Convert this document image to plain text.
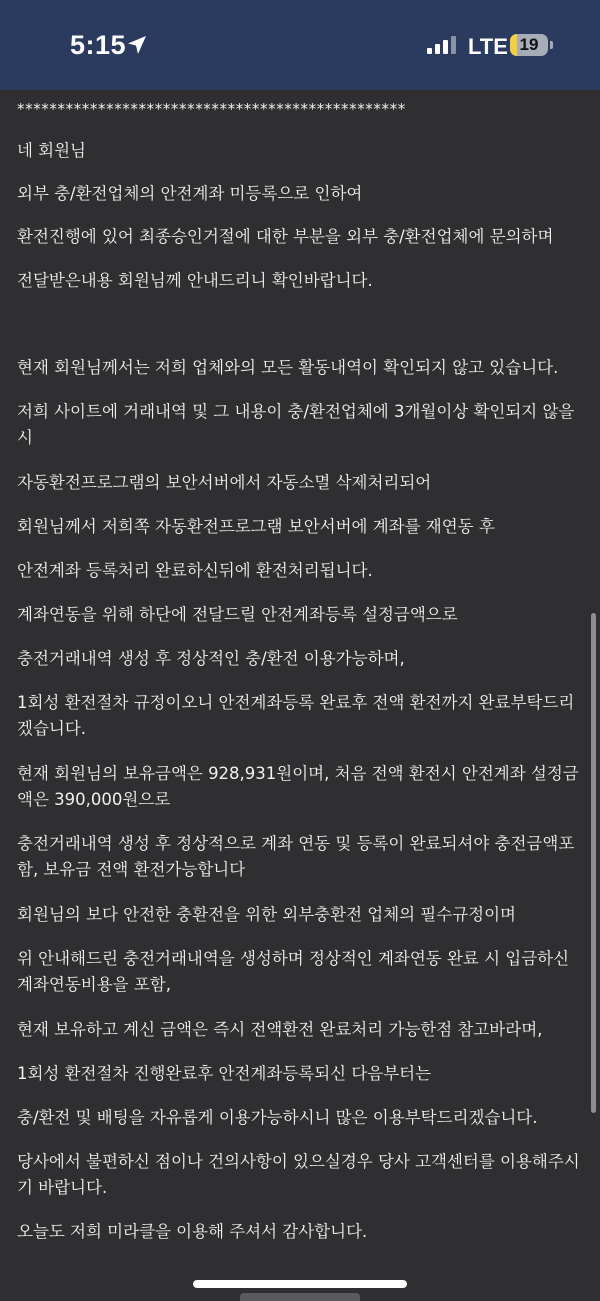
5:15	LTE 19

************************************************

네 회원님

외부 충/환전업체의 안전계좌 미등록으로 인하여

환전진행에 있어 최종승인거절에 대한 부분을 외부 충/환전업체에 문의하며

전달받은내용 회원님께 안내드리니 확인바랍니다.

현재 회원님께서는 저희 업체와의 모든 활동내역이 확인되지 않고 있습니다.

저희 사이트에 거래내역 및 그 내용이 충/환전업체에 3개월이상 확인되지 않을시

자동환전프로그램의 보안서버에서 자동소멸 삭제처리되어

회원님께서 저희쪽 자동환전프로그램 보안서버에 계좌를 재연동 후

안전계좌 등록처리 완료하신뒤에 환전처리됩니다.

계좌연동을 위해 하단에 전달드릴 안전계좌등록 설정금액으로

충전거래내역 생성 후 정상적인 충/환전 이용가능하며,

1회성 환전절차 규정이오니 안전계좌등록 완료후 전액 환전까지 완료부탁드리겠습니다.

현재 회원님의 보유금액은 928,931원이며, 처음 전액 환전시 안전계좌 설정금액은 390,000원으로

충전거래내역 생성 후 정상적으로 계좌 연동 및 등록이 완료되셔야 충전금액포함, 보유금 전액 환전가능합니다

회원님의 보다 안전한 충환전을 위한 외부충환전 업체의 필수규정이며

위 안내해드린 충전거래내역을 생성하며 정상적인 계좌연동 완료 시 입금하신 계좌연동비용을 포함,

현재 보유하고 계신 금액은 즉시 전액환전 완료처리 가능한점 참고바라며,

1회성 환전절차 진행완료후 안전계좌등록되신 다음부터는

충/환전 및 배팅을 자유롭게 이용가능하시니 많은 이용부탁드리겠습니다.

당사에서 불편하신 점이나 건의사항이 있으실경우 당사 고객센터를 이용해주시기 바랍니다.

오늘도 저희 미라클을 이용해 주셔서 감사합니다.
